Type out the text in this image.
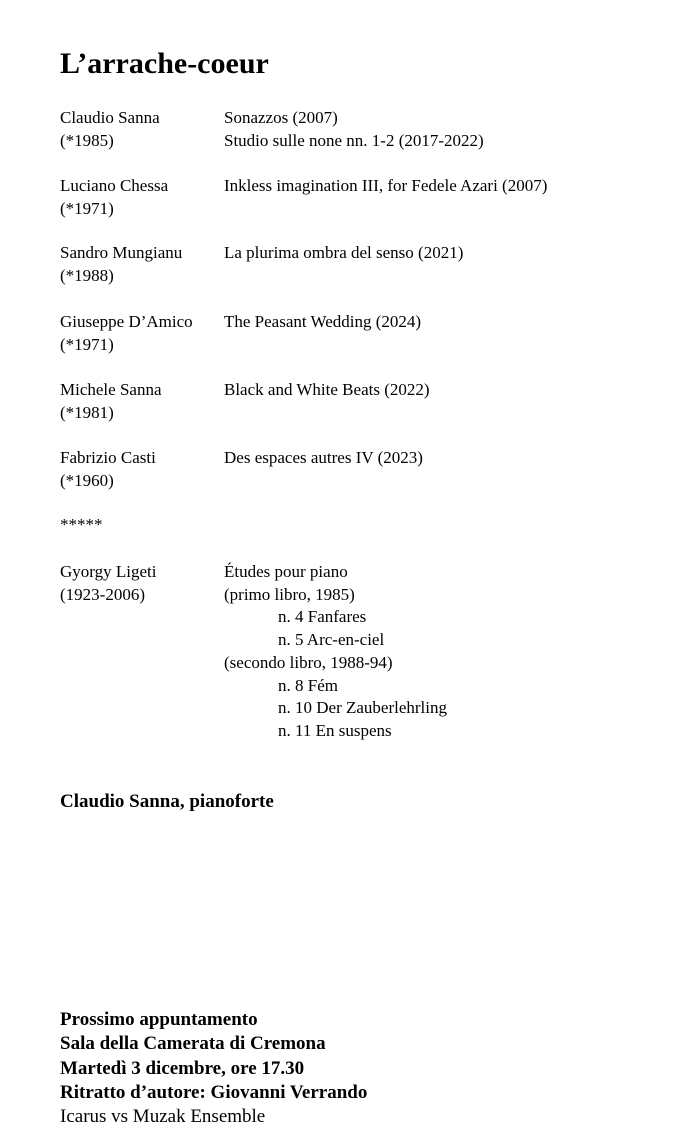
L’arrache-coeur
Claudio Sanna
(*1985)
Sonazzos (2007)
Studio sulle none nn. 1-2 (2017-2022)
Luciano Chessa
(*1971)
Inkless imagination III, for Fedele Azari (2007)
Sandro Mungianu
(*1988)
La plurima ombra del senso (2021)
Giuseppe D’Amico
(*1971)
The Peasant Wedding (2024)
Michele Sanna
(*1981)
Black and White Beats (2022)
Fabrizio Casti
(*1960)
Des espaces autres IV (2023)
*****
Gyorgy Ligeti
(1923-2006)
Études pour piano
(primo libro, 1985)
n. 4 Fanfares
n. 5 Arc-en-ciel
(secondo libro, 1988-94)
n. 8 Fém
n. 10 Der Zauberlehrling
n. 11 En suspens
Claudio Sanna, pianoforte
Prossimo appuntamento
Sala della Camerata di Cremona
Martedì 3 dicembre, ore 17.30
Ritratto d’autore: Giovanni Verrando
Icarus vs Muzak Ensemble
